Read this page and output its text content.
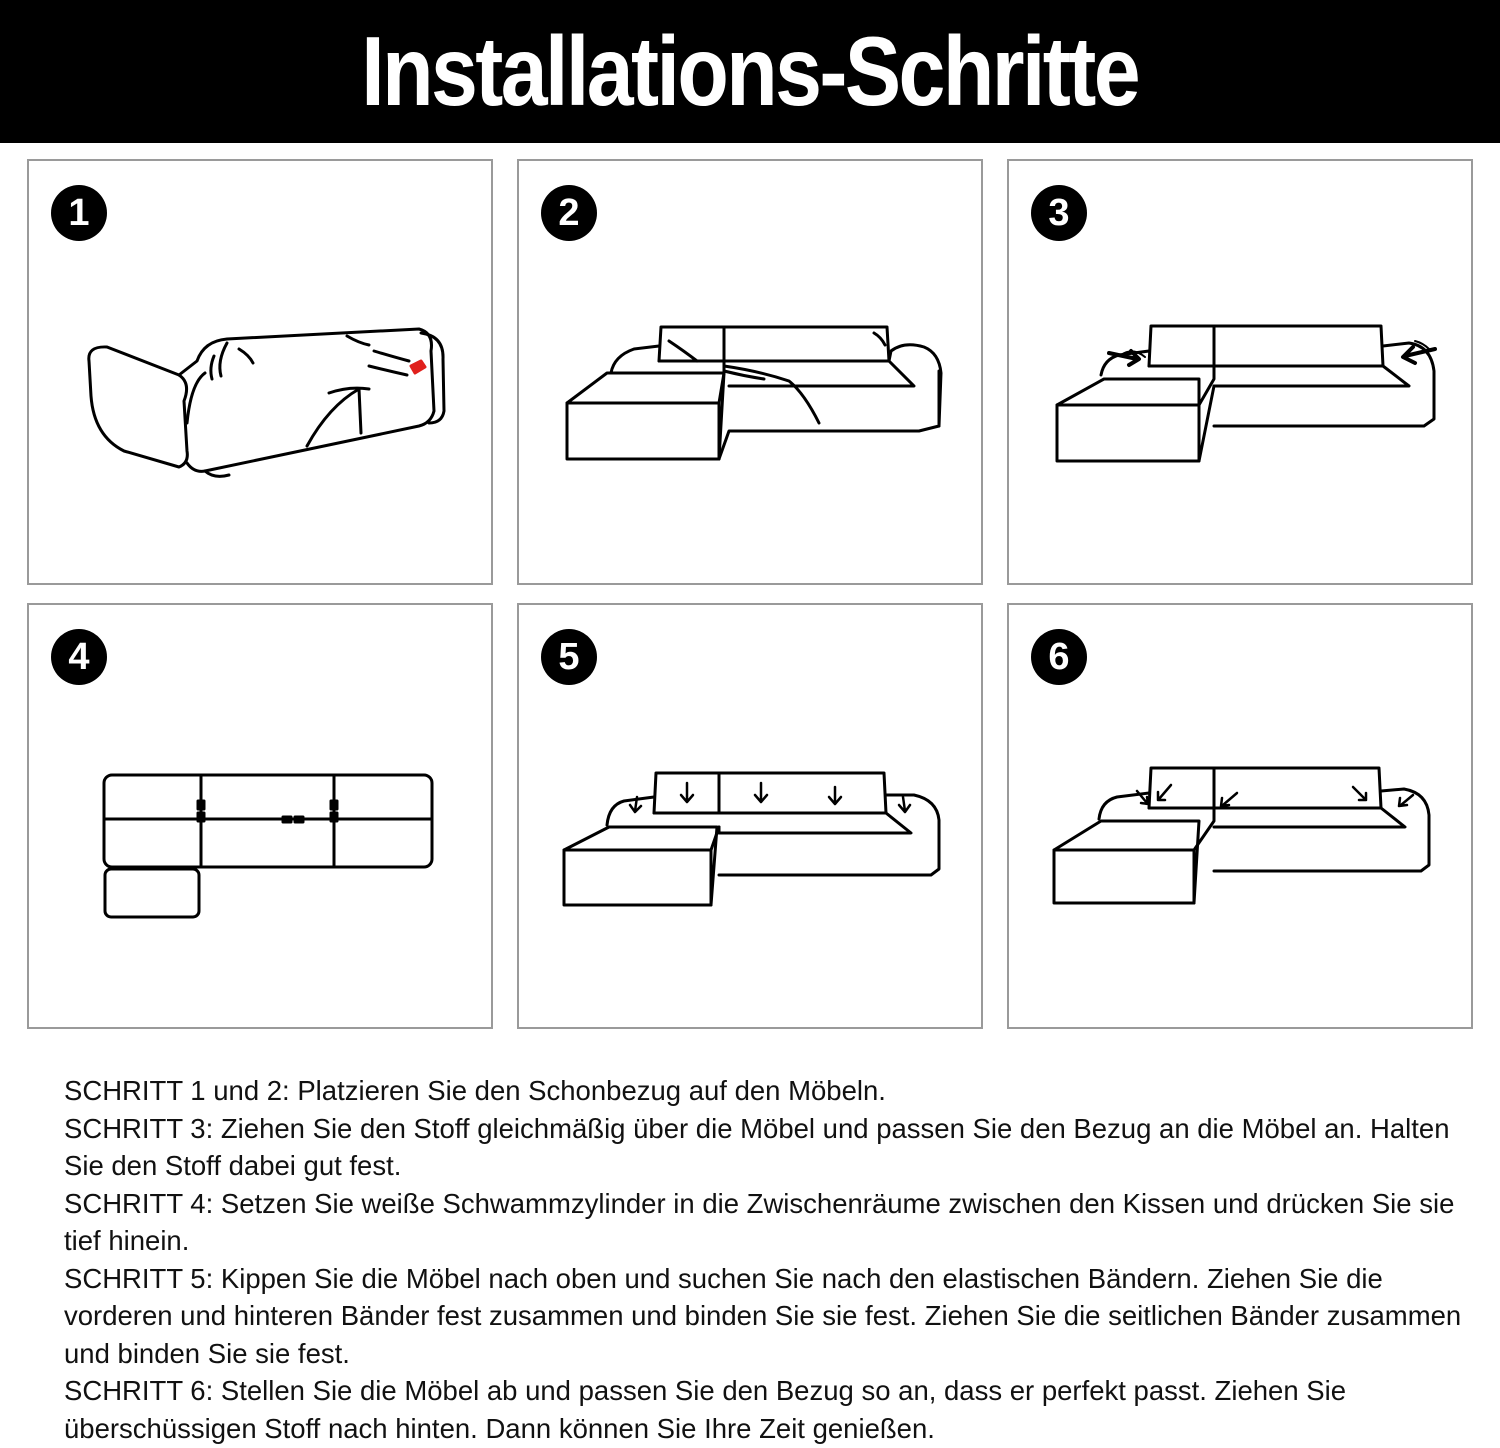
Installations-Schritte
1	2	3
4	5	6

SCHRITT 1 und 2: Platzieren Sie den Schonbezug auf den Möbeln.

SCHRITT 3: Ziehen Sie den Stoff gleichmäßig über die Möbel und passen Sie den Bezug an die Möbel an. Halten Sie den Stoff dabei gut fest.

SCHRITT 4: Setzen Sie weiße Schwammzylinder in die Zwischenräume zwischen den Kissen und drücken Sie sie tief hinein.

SCHRITT 5: Kippen Sie die Möbel nach oben und suchen Sie nach den elastischen Bändern. Ziehen Sie die vorderen und hinteren Bänder fest zusammen und binden Sie sie fest. Ziehen Sie die seitlichen Bänder zusammen und binden Sie sie fest.

SCHRITT 6: Stellen Sie die Möbel ab und passen Sie den Bezug so an, dass er perfekt passt. Ziehen Sie überschüssigen Stoff nach hinten. Dann können Sie Ihre Zeit genießen.
